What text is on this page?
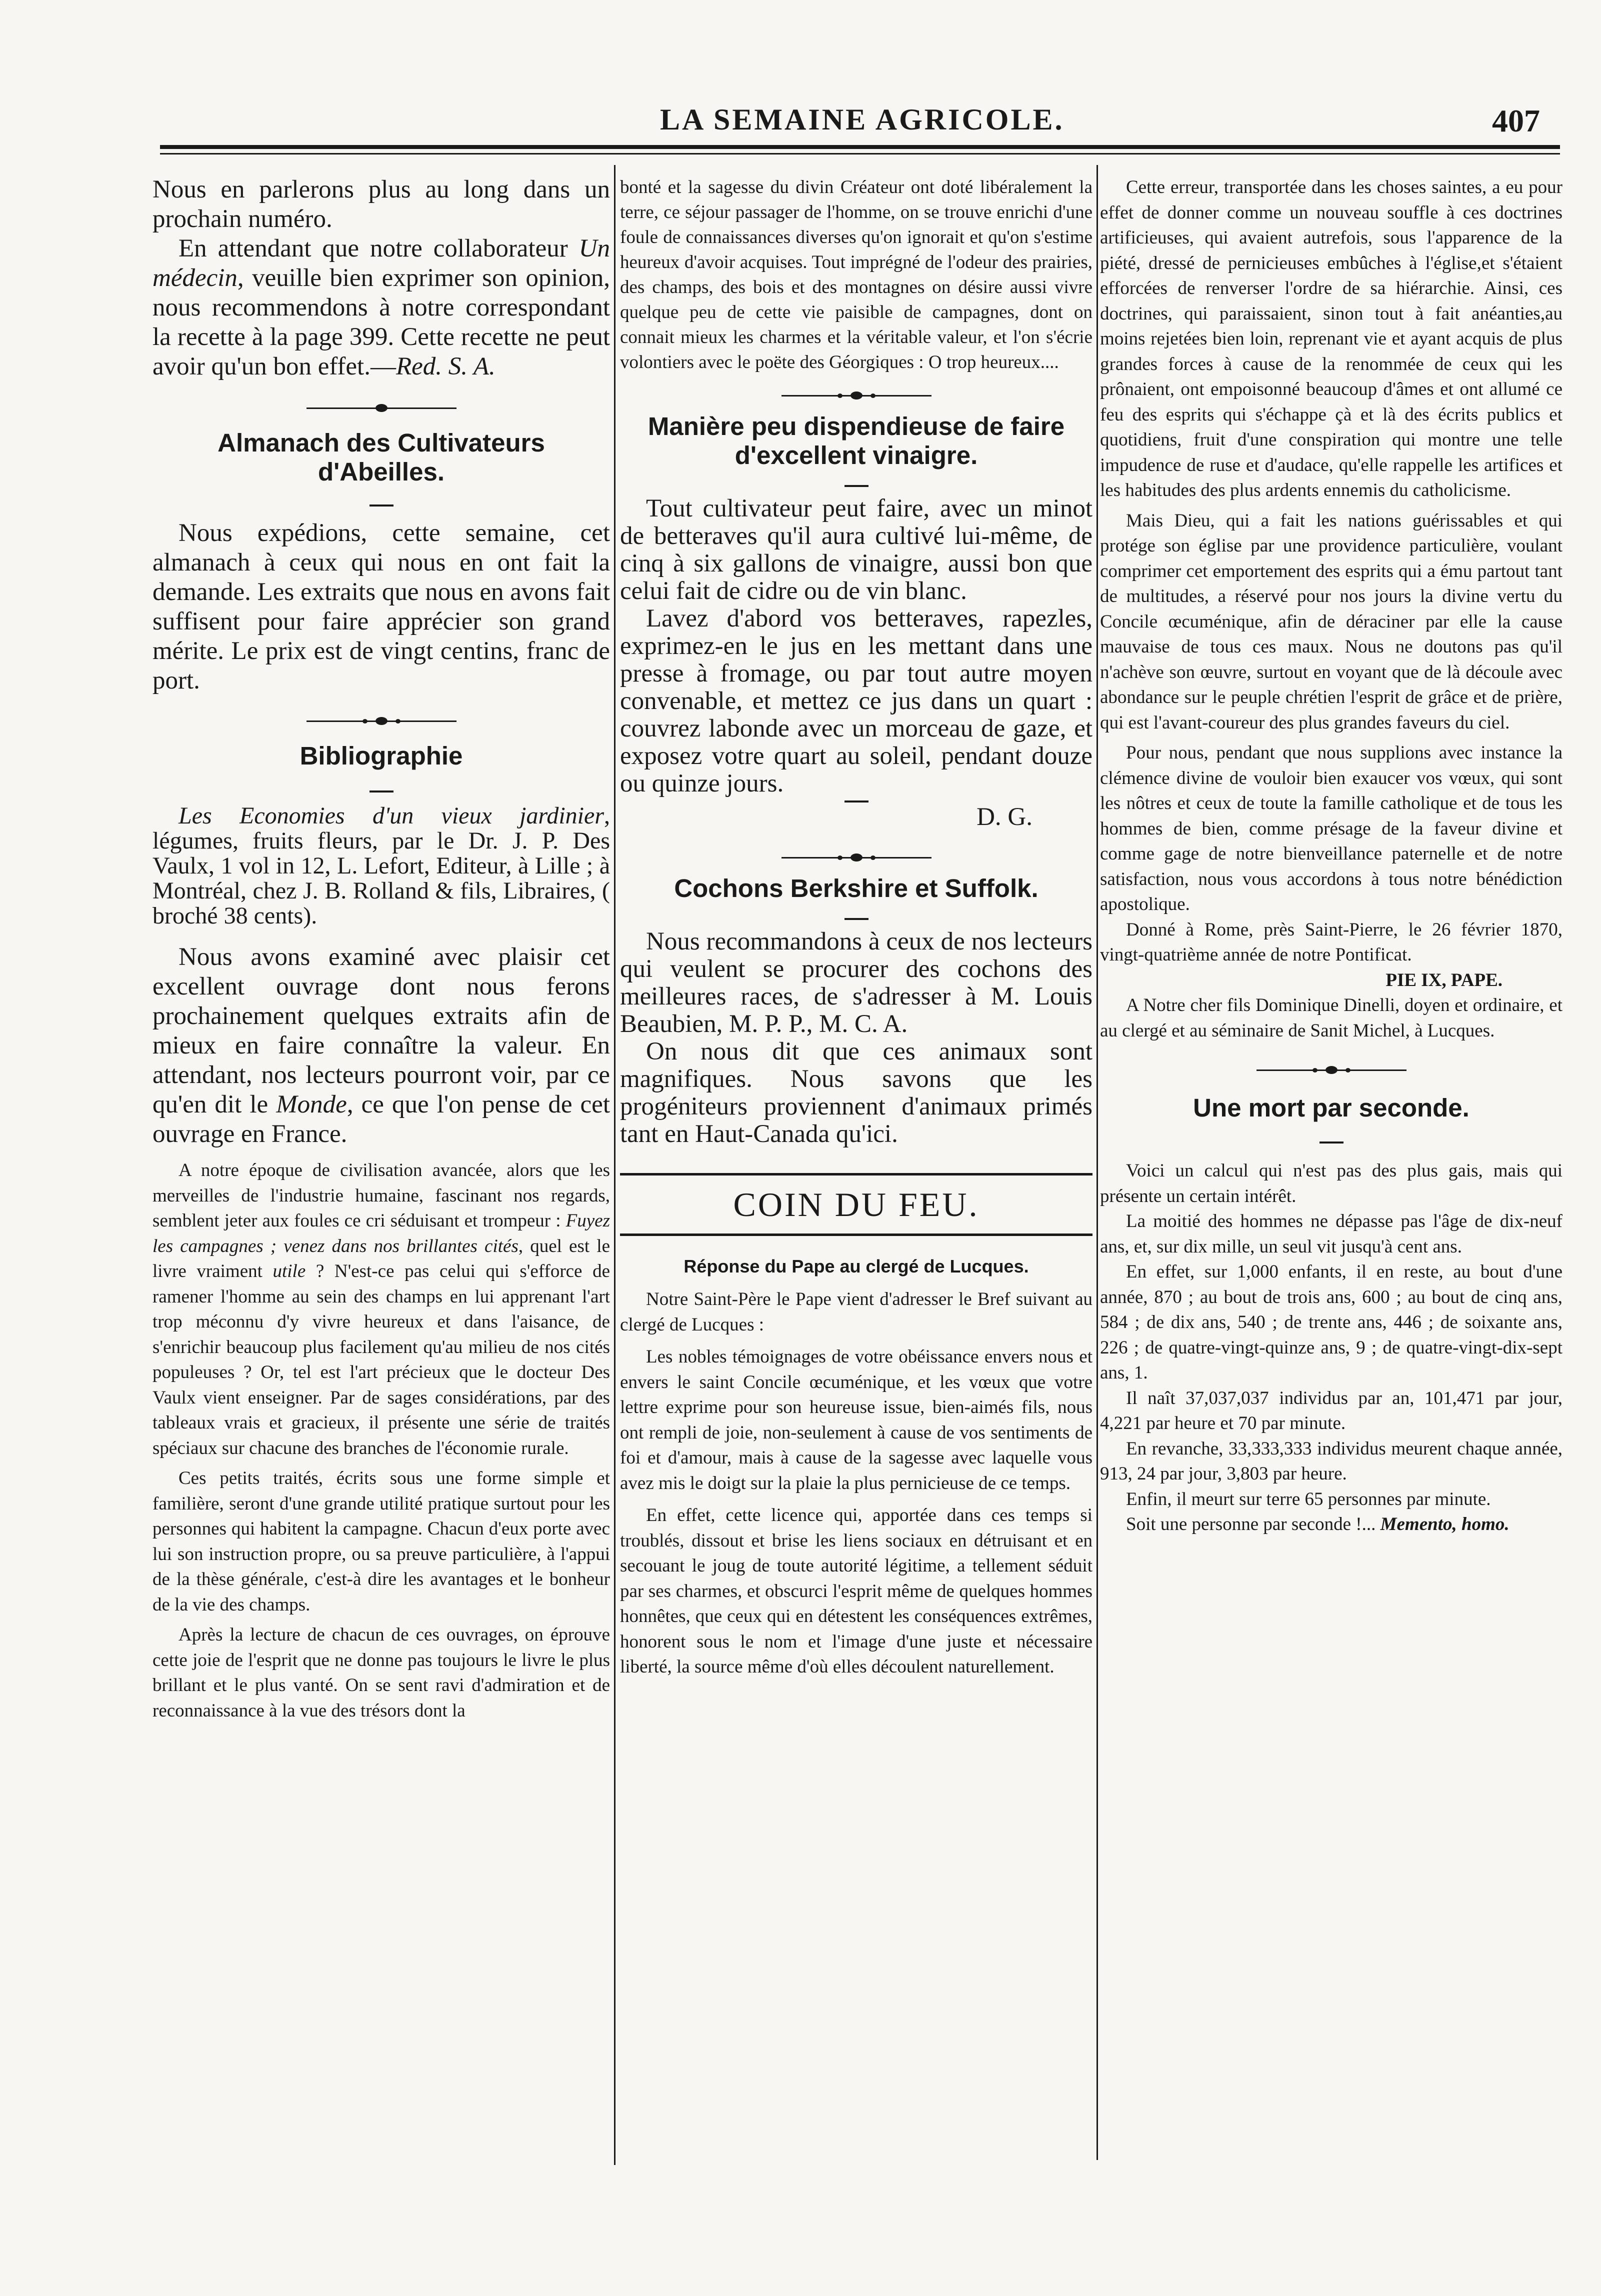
LA SEMAINE AGRICOLE.	407

Nous en parlerons plus au long dans un prochain numéro.

En attendant que notre collaborateur Un médecin, veuille bien exprimer son opinion, nous recommendons à notre correspondant la recette à la page 399. Cette recette ne peut avoir qu'un bon effet.—Red. S. A.

Almanach des Cultivateurs d'Abeilles.

Nous expédions, cette semaine, cet almanach à ceux qui nous en ont fait la demande. Les extraits que nous en avons fait suffisent pour faire apprécier son grand mérite. Le prix est de vingt centins, franc de port.

Bibliographie

Les Economies d'un vieux jardinier, légumes, fruits fleurs, par le Dr. J. P. Des Vaulx, 1 vol in 12, L. Lefort, Editeur, à Lille ; à Montréal, chez J. B. Rolland & fils, Libraires, ( broché 38 cents).

Nous avons examiné avec plaisir cet excellent ouvrage dont nous ferons prochainement quelques extraits afin de mieux en faire connaître la valeur. En attendant, nos lecteurs pourront voir, par ce qu'en dit le Monde, ce que l'on pense de cet ouvrage en France.

A notre époque de civilisation avancée, alors que les merveilles de l'industrie humaine, fascinant nos regards, semblent jeter aux foules ce cri séduisant et trompeur : Fuyez les campagnes ; venez dans nos brillantes cités, quel est le livre vraiment utile ? N'est-ce pas celui qui s'efforce de ramener l'homme au sein des champs en lui apprenant l'art trop méconnu d'y vivre heureux et dans l'aisance, de s'enrichir beaucoup plus facilement qu'au milieu de nos cités populeuses ? Or, tel est l'art précieux que le docteur Des Vaulx vient enseigner. Par de sages considérations, par des tableaux vrais et gracieux, il présente une série de traités spéciaux sur chacune des branches de l'économie rurale.

Ces petits traités, écrits sous une forme simple et familière, seront d'une grande utilité pratique surtout pour les personnes qui habitent la campagne. Chacun d'eux porte avec lui son instruction propre, ou sa preuve particulière, à l'appui de la thèse générale, c'est-à dire les avantages et le bonheur de la vie des champs.

Après la lecture de chacun de ces ouvrages, on éprouve cette joie de l'esprit que ne donne pas toujours le livre le plus brillant et le plus vanté. On se sent ravi d'admiration et de reconnaissance à la vue des trésors dont la

bonté et la sagesse du divin Créateur ont doté libéralement la terre, ce séjour passager de l'homme, on se trouve enrichi d'une foule de connaissances diverses qu'on ignorait et qu'on s'estime heureux d'avoir acquises. Tout imprégné de l'odeur des prairies, des champs, des bois et des montagnes on désire aussi vivre quelque peu de cette vie paisible de campagnes, dont on connait mieux les charmes et la véritable valeur, et l'on s'écrie volontiers avec le poëte des Géorgiques : O trop heureux....

Manière peu dispendieuse de faire d'excellent vinaigre.

Tout cultivateur peut faire, avec un minot de betteraves qu'il aura cultivé lui-même, de cinq à six gallons de vinaigre, aussi bon que celui fait de cidre ou de vin blanc.

Lavez d'abord vos betteraves, rapezles, exprimez-en le jus en les mettant dans une presse à fromage, ou par tout autre moyen convenable, et mettez ce jus dans un quart : couvrez labonde avec un morceau de gaze, et exposez votre quart au soleil, pendant douze ou quinze jours.

D. G.

Cochons Berkshire et Suffolk.

Nous recommandons à ceux de nos lecteurs qui veulent se procurer des cochons des meilleures races, de s'adresser à M. Louis Beaubien, M. P. P., M. C. A.

On nous dit que ces animaux sont magnifiques. Nous savons que les progéniteurs proviennent d'animaux primés tant en Haut-Canada qu'ici.

COIN DU FEU.
Réponse du Pape au clergé de Lucques.

Notre Saint-Père le Pape vient d'adresser le Bref suivant au clergé de Lucques :

Les nobles témoignages de votre obéissance envers nous et envers le saint Concile œcuménique, et les vœux que votre lettre exprime pour son heureuse issue, bien-aimés fils, nous ont rempli de joie, non-seulement à cause de vos sentiments de foi et d'amour, mais à cause de la sagesse avec laquelle vous avez mis le doigt sur la plaie la plus pernicieuse de ce temps.

En effet, cette licence qui, apportée dans ces temps si troublés, dissout et brise les liens sociaux en détruisant et en secouant le joug de toute autorité légitime, a tellement séduit par ses charmes, et obscurci l'esprit même de quelques hommes honnêtes, que ceux qui en détestent les conséquences extrêmes, honorent sous le nom et l'image d'une juste et nécessaire liberté, la source même d'où elles découlent naturellement.

Cette erreur, transportée dans les choses saintes, a eu pour effet de donner comme un nouveau souffle à ces doctrines artificieuses, qui avaient autrefois, sous l'apparence de la piété, dressé de pernicieuses embûches à l'église,et s'étaient efforcées de renverser l'ordre de sa hiérarchie. Ainsi, ces doctrines, qui paraissaient, sinon tout à fait anéanties,au moins rejetées bien loin, reprenant vie et ayant acquis de plus grandes forces à cause de la renommée de ceux qui les prônaient, ont empoisonné beaucoup d'âmes et ont allumé ce feu des esprits qui s'échappe çà et là des écrits publics et quotidiens, fruit d'une conspiration qui montre une telle impudence de ruse et d'audace, qu'elle rappelle les artifices et les habitudes des plus ardents ennemis du catholicisme.

Mais Dieu, qui a fait les nations guérissables et qui protége son église par une providence particulière, voulant comprimer cet emportement des esprits qui a ému partout tant de multitudes, a réservé pour nos jours la divine vertu du Concile œcuménique, afin de déraciner par elle la cause mauvaise de tous ces maux. Nous ne doutons pas qu'il n'achève son œuvre, surtout en voyant que de là découle avec abondance sur le peuple chrétien l'esprit de grâce et de prière, qui est l'avant-coureur des plus grandes faveurs du ciel.

Pour nous, pendant que nous supplions avec instance la clémence divine de vouloir bien exaucer vos vœux, qui sont les nôtres et ceux de toute la famille catholique et de tous les hommes de bien, comme présage de la faveur divine et comme gage de notre bienveillance paternelle et de notre satisfaction, nous vous accordons à tous notre bénédiction apostolique.

Donné à Rome, près Saint-Pierre, le 26 février 1870, vingt-quatrième année de notre Pontificat.

PIE IX, PAPE.

A Notre cher fils Dominique Dinelli, doyen et ordinaire, et au clergé et au séminaire de Sanit Michel, à Lucques.

Une mort par seconde.

Voici un calcul qui n'est pas des plus gais, mais qui présente un certain intérêt.

La moitié des hommes ne dépasse pas l'âge de dix-neuf ans, et, sur dix mille, un seul vit jusqu'à cent ans.

En effet, sur 1,000 enfants, il en reste, au bout d'une année, 870 ; au bout de trois ans, 600 ; au bout de cinq ans, 584 ; de dix ans, 540 ; de trente ans, 446 ; de soixante ans, 226 ; de quatre-vingt-quinze ans, 9 ; de quatre-vingt-dix-sept ans, 1.

Il naît 37,037,037 individus par an, 101,471 par jour, 4,221 par heure et 70 par minute.

En revanche, 33,333,333 individus meurent chaque année, 913, 24 par jour, 3,803 par heure.

Enfin, il meurt sur terre 65 personnes par minute.

Soit une personne par seconde !... Memento, homo.
